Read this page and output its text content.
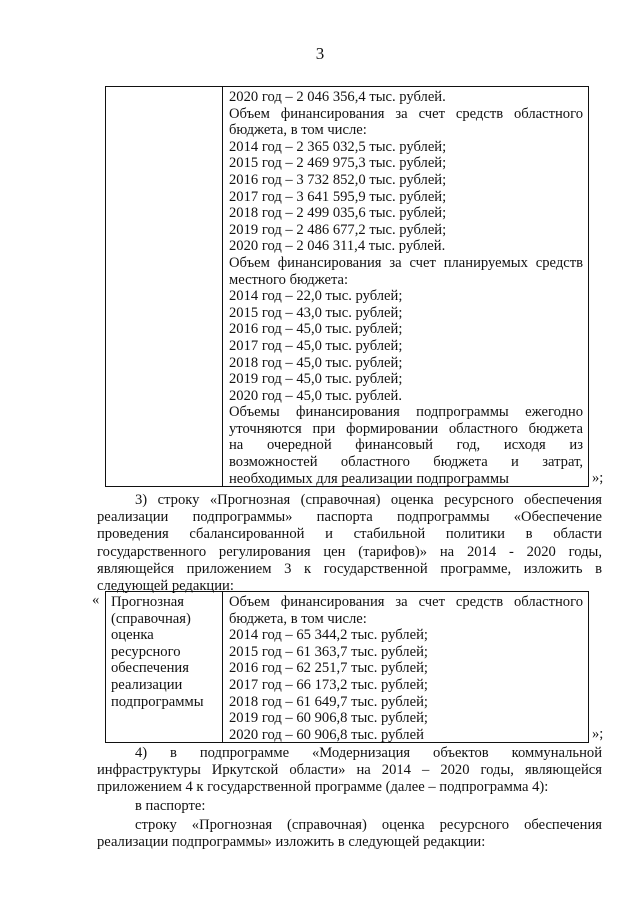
3
2020 год – 2 046 356,4 тыс. рублей.
Объем финансирования за счет средств областного
бюджета, в том числе:
2014 год – 2 365 032,5 тыс. рублей;
2015 год – 2 469 975,3 тыс. рублей;
2016 год – 3 732 852,0 тыс. рублей;
2017 год – 3 641 595,9 тыс. рублей;
2018 год – 2 499 035,6 тыс. рублей;
2019 год – 2 486 677,2 тыс. рублей;
2020 год – 2 046 311,4 тыс. рублей.
Объем финансирования за счет планируемых средств
местного бюджета:
2014 год – 22,0 тыс. рублей;
2015 год – 43,0 тыс. рублей;
2016 год – 45,0 тыс. рублей;
2017 год – 45,0 тыс. рублей;
2018 год – 45,0 тыс. рублей;
2019 год – 45,0 тыс. рублей;
2020 год – 45,0 тыс. рублей.
Объемы финансирования подпрограммы ежегодно
уточняются при формировании областного бюджета
на очередной финансовый год, исходя из
возможностей областного бюджета и затрат,
необходимых для реализации подпрограммы	»;
3) строку «Прогнозная (справочная) оценка ресурсного обеспечения
реализации подпрограммы» паспорта подпрограммы «Обеспечение
проведения сбалансированной и стабильной политики в области
государственного регулирования цен (тарифов)» на 2014 - 2020 годы,
являющейся приложением 3 к государственной программе, изложить в
следующей редакции:
« Прогнозная
(справочная)
оценка
ресурсного
обеспечения
реализации
подпрограммы
Объем финансирования за счет средств областного
бюджета, в том числе:
2014 год – 65 344,2 тыс. рублей;
2015 год – 61 363,7 тыс. рублей;
2016 год – 62 251,7 тыс. рублей;
2017 год – 66 173,2 тыс. рублей;
2018 год – 61 649,7 тыс. рублей;
2019 год – 60 906,8 тыс. рублей;
2020 год – 60 906,8 тыс. рублей	»;
4) в подпрограмме «Модернизация объектов коммунальной
инфраструктуры Иркутской области» на 2014 – 2020 годы, являющейся
приложением 4 к государственной программе (далее – подпрограмма 4):
в паспорте:
строку «Прогнозная (справочная) оценка ресурсного обеспечения
реализации подпрограммы» изложить в следующей редакции:
